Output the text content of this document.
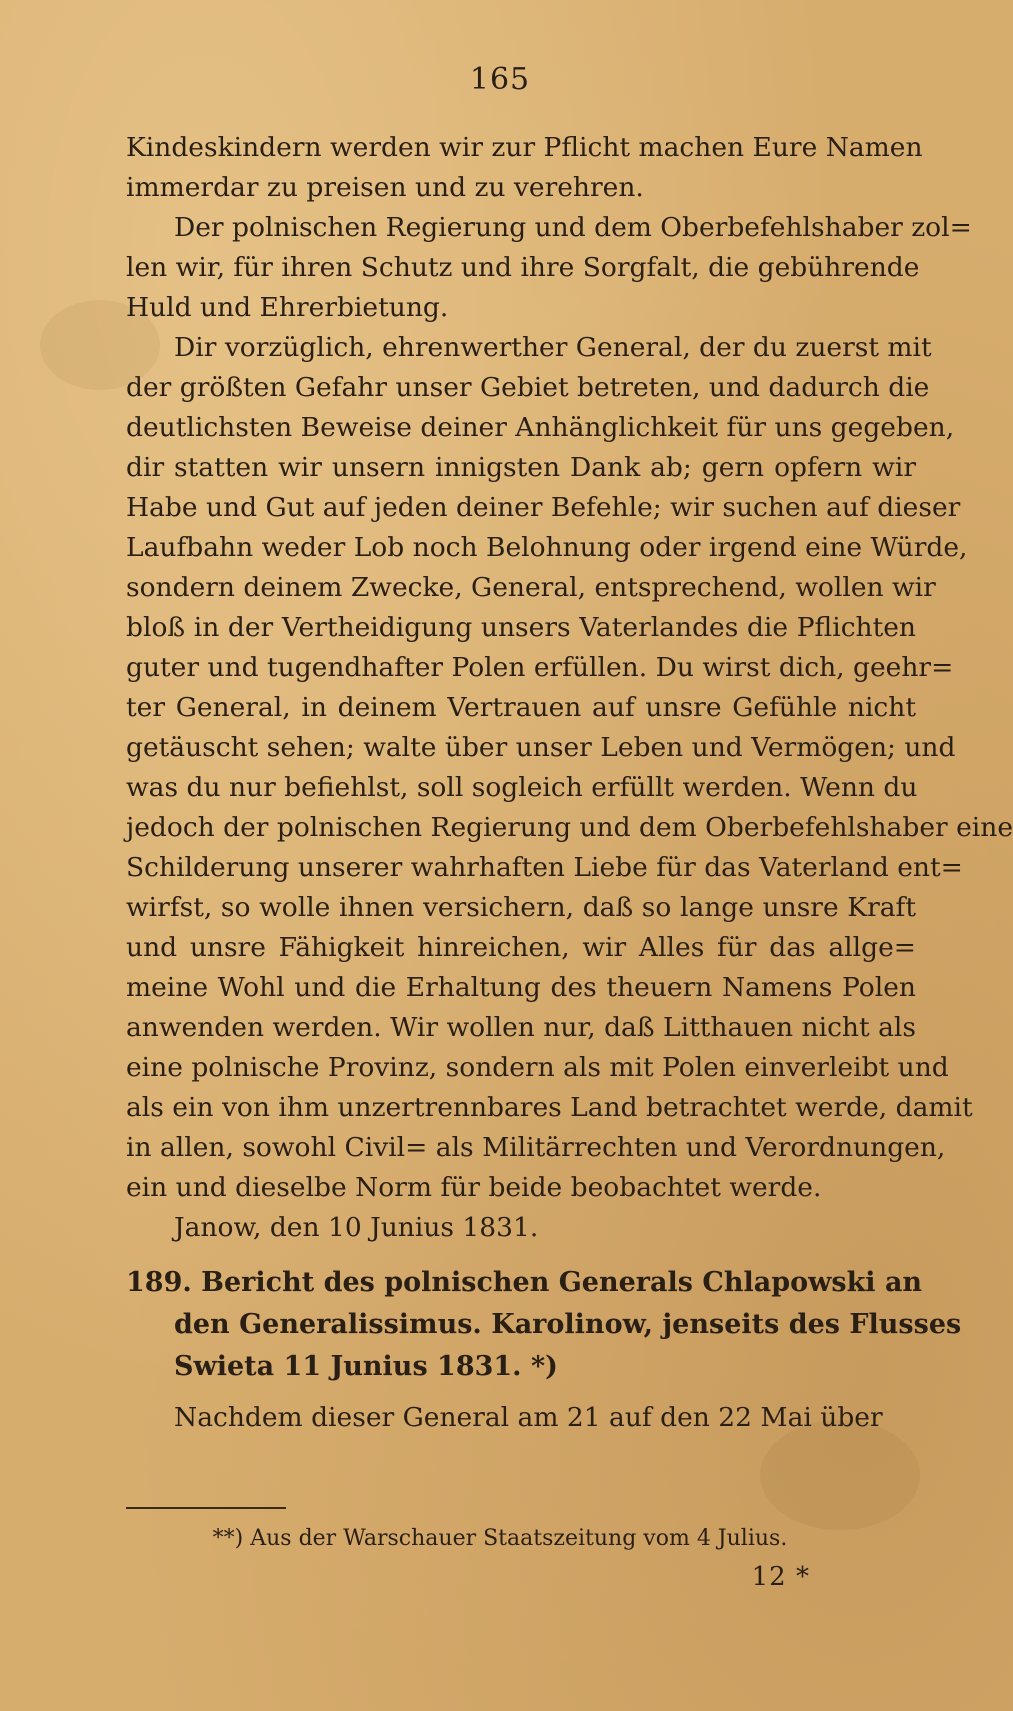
165
Kindeskindern werden wir zur Pflicht machen Eure Namen
immerdar zu preisen und zu verehren.
Der polnischen Regierung und dem Oberbefehlshaber zol=
len wir, für ihren Schutz und ihre Sorgfalt, die gebührende
Huld und Ehrerbietung.
Dir vorzüglich, ehrenwerther General, der du zuerst mit
der größten Gefahr unser Gebiet betreten, und dadurch die
deutlichsten Beweise deiner Anhänglichkeit für uns gegeben,
dir statten wir unsern innigsten Dank ab; gern opfern wir
Habe und Gut auf jeden deiner Befehle; wir suchen auf dieser
Laufbahn weder Lob noch Belohnung oder irgend eine Würde,
sondern deinem Zwecke, General, entsprechend, wollen wir
bloß in der Vertheidigung unsers Vaterlandes die Pflichten
guter und tugendhafter Polen erfüllen. Du wirst dich, geehr=
ter General, in deinem Vertrauen auf unsre Gefühle nicht
getäuscht sehen; walte über unser Leben und Vermögen; und
was du nur befiehlst, soll sogleich erfüllt werden. Wenn du
jedoch der polnischen Regierung und dem Oberbefehlshaber eine
Schilderung unserer wahrhaften Liebe für das Vaterland ent=
wirfst, so wolle ihnen versichern, daß so lange unsre Kraft
und unsre Fähigkeit hinreichen, wir Alles für das allge=
meine Wohl und die Erhaltung des theuern Namens Polen
anwenden werden. Wir wollen nur, daß Litthauen nicht als
eine polnische Provinz, sondern als mit Polen einverleibt und
als ein von ihm unzertrennbares Land betrachtet werde, damit
in allen, sowohl Civil= als Militärrechten und Verordnungen,
ein und dieselbe Norm für beide beobachtet werde.
Janow, den 10 Junius 1831.
189. Bericht des polnischen Generals Chlapowski an
den Generalissimus. Karolinow, jenseits des Flusses
Swieta 11 Junius 1831. *)
Nachdem dieser General am 21 auf den 22 Mai über
**) Aus der Warschauer Staatszeitung vom 4 Julius.
12 *
